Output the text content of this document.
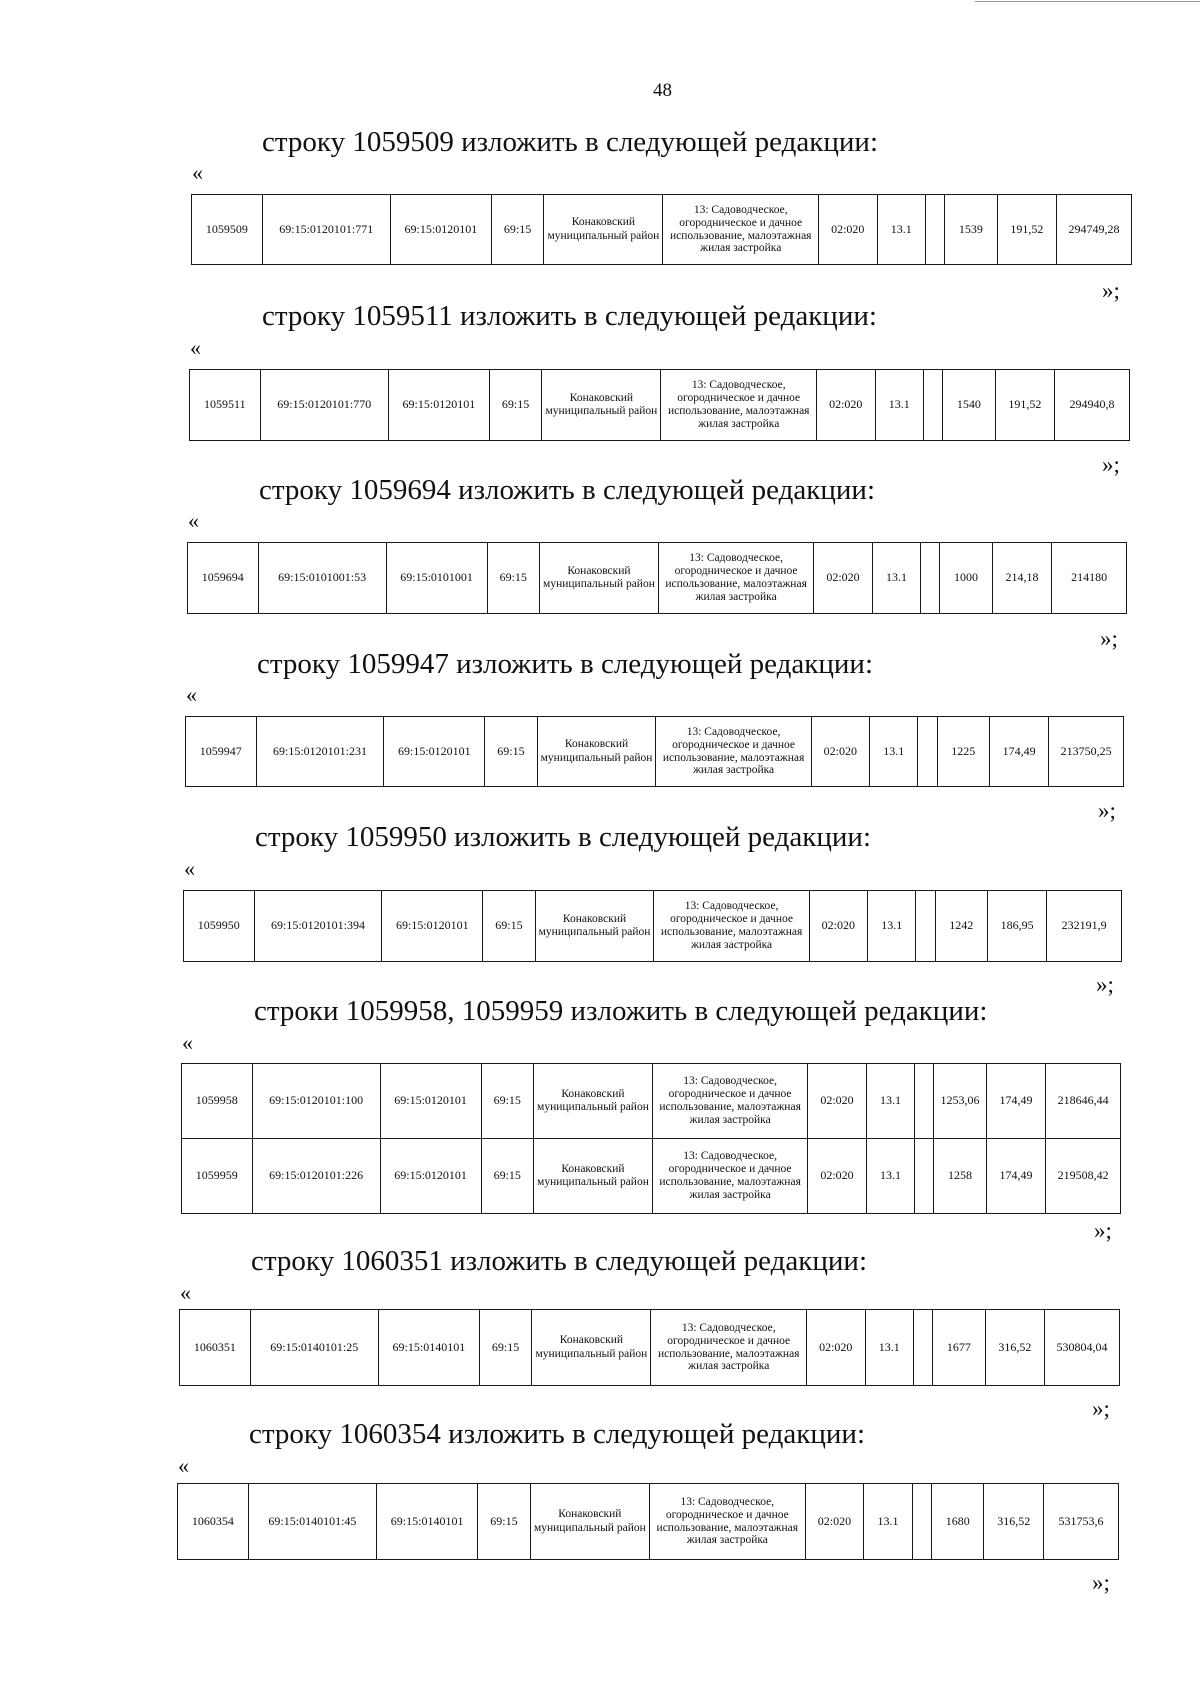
48
строку 1059509 изложить в следующей редакции:
«
1059509	69:15:0120101:771	69:15:0120101	69:15	Конаковский муниципальный район	13: Садоводческое, огородническое и дачное использование, малоэтажная жилая застройка	02:020	13.1		1539	191,52	294749,28
»;
строку 1059511 изложить в следующей редакции:
«
1059511	69:15:0120101:770	69:15:0120101	69:15	Конаковский муниципальный район	13: Садоводческое, огородническое и дачное использование, малоэтажная жилая застройка	02:020	13.1		1540	191,52	294940,8
»;
строку 1059694 изложить в следующей редакции:
«
1059694	69:15:0101001:53	69:15:0101001	69:15	Конаковский муниципальный район	13: Садоводческое, огородническое и дачное использование, малоэтажная жилая застройка	02:020	13.1		1000	214,18	214180
»;
строку 1059947 изложить в следующей редакции:
«
1059947	69:15:0120101:231	69:15:0120101	69:15	Конаковский муниципальный район	13: Садоводческое, огородническое и дачное использование, малоэтажная жилая застройка	02:020	13.1		1225	174,49	213750,25
»;
строку 1059950 изложить в следующей редакции:
«
1059950	69:15:0120101:394	69:15:0120101	69:15	Конаковский муниципальный район	13: Садоводческое, огородническое и дачное использование, малоэтажная жилая застройка	02:020	13.1		1242	186,95	232191,9
»;
строки 1059958, 1059959 изложить в следующей редакции:
«
1059958	69:15:0120101:100	69:15:0120101	69:15	Конаковский муниципальный район	13: Садоводческое, огородническое и дачное использование, малоэтажная жилая застройка	02:020	13.1		1253,06	174,49	218646,44
1059959	69:15:0120101:226	69:15:0120101	69:15	Конаковский муниципальный район	13: Садоводческое, огородническое и дачное использование, малоэтажная жилая застройка	02:020	13.1		1258	174,49	219508,42
»;
строку 1060351 изложить в следующей редакции:
«
1060351	69:15:0140101:25	69:15:0140101	69:15	Конаковский муниципальный район	13: Садоводческое, огородническое и дачное использование, малоэтажная жилая застройка	02:020	13.1		1677	316,52	530804,04
»;
строку 1060354 изложить в следующей редакции:
«
1060354	69:15:0140101:45	69:15:0140101	69:15	Конаковский муниципальный район	13: Садоводческое, огородническое и дачное использование, малоэтажная жилая застройка	02:020	13.1		1680	316,52	531753,6
»;
